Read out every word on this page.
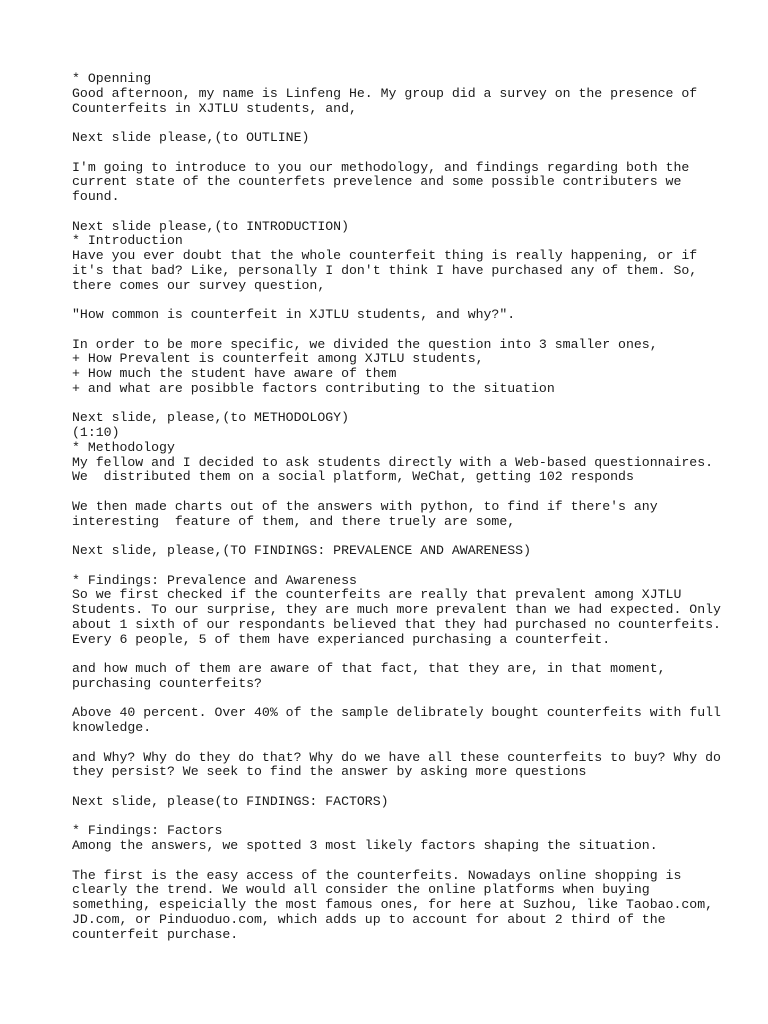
* Openning
Good afternoon, my name is Linfeng He. My group did a survey on the presence of
Counterfeits in XJTLU students, and,
Next slide please,(to OUTLINE)
I'm going to introduce to you our methodology, and findings regarding both the
current state of the counterfets prevelence and some possible contributers we
found.
Next slide please,(to INTRODUCTION)
* Introduction
Have you ever doubt that the whole counterfeit thing is really happening, or if
it's that bad? Like, personally I don't think I have purchased any of them. So,
there comes our survey question,
"How common is counterfeit in XJTLU students, and why?".
In order to be more specific, we divided the question into 3 smaller ones,
+ How Prevalent is counterfeit among XJTLU students,
+ How much the student have aware of them
+ and what are posibble factors contributing to the situation
Next slide, please,(to METHODOLOGY)
(1:10)
* Methodology
My fellow and I decided to ask students directly with a Web-based questionnaires.
We  distributed them on a social platform, WeChat, getting 102 responds
We then made charts out of the answers with python, to find if there's any
interesting  feature of them, and there truely are some,
Next slide, please,(TO FINDINGS: PREVALENCE AND AWARENESS)
* Findings: Prevalence and Awareness
So we first checked if the counterfeits are really that prevalent among XJTLU
Students. To our surprise, they are much more prevalent than we had expected. Only
about 1 sixth of our respondants believed that they had purchased no counterfeits.
Every 6 people, 5 of them have experianced purchasing a counterfeit.
and how much of them are aware of that fact, that they are, in that moment,
purchasing counterfeits?
Above 40 percent. Over 40% of the sample delibrately bought counterfeits with full
knowledge.
and Why? Why do they do that? Why do we have all these counterfeits to buy? Why do
they persist? We seek to find the answer by asking more questions
Next slide, please(to FINDINGS: FACTORS)
* Findings: Factors
Among the answers, we spotted 3 most likely factors shaping the situation.
The first is the easy access of the counterfeits. Nowadays online shopping is
clearly the trend. We would all consider the online platforms when buying
something, espeicially the most famous ones, for here at Suzhou, like Taobao.com,
JD.com, or Pinduoduo.com, which adds up to account for about 2 third of the
counterfeit purchase.
